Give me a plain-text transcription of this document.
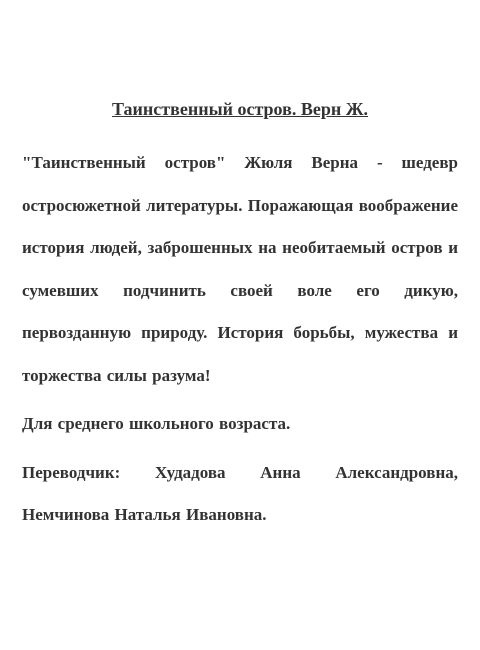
Таинственный остров. Верн Ж.

"Таинственный остров" Жюля Верна - шедевр остросюжетной литературы. Поражающая воображение история людей, заброшенных на необитаемый остров и сумевших подчинить своей воле его дикую, первозданную природу. История борьбы, мужества и торжества силы разума!

Для среднего школьного возраста.

Переводчик: Худадова Анна Александровна, Немчинова Наталья Ивановна.
